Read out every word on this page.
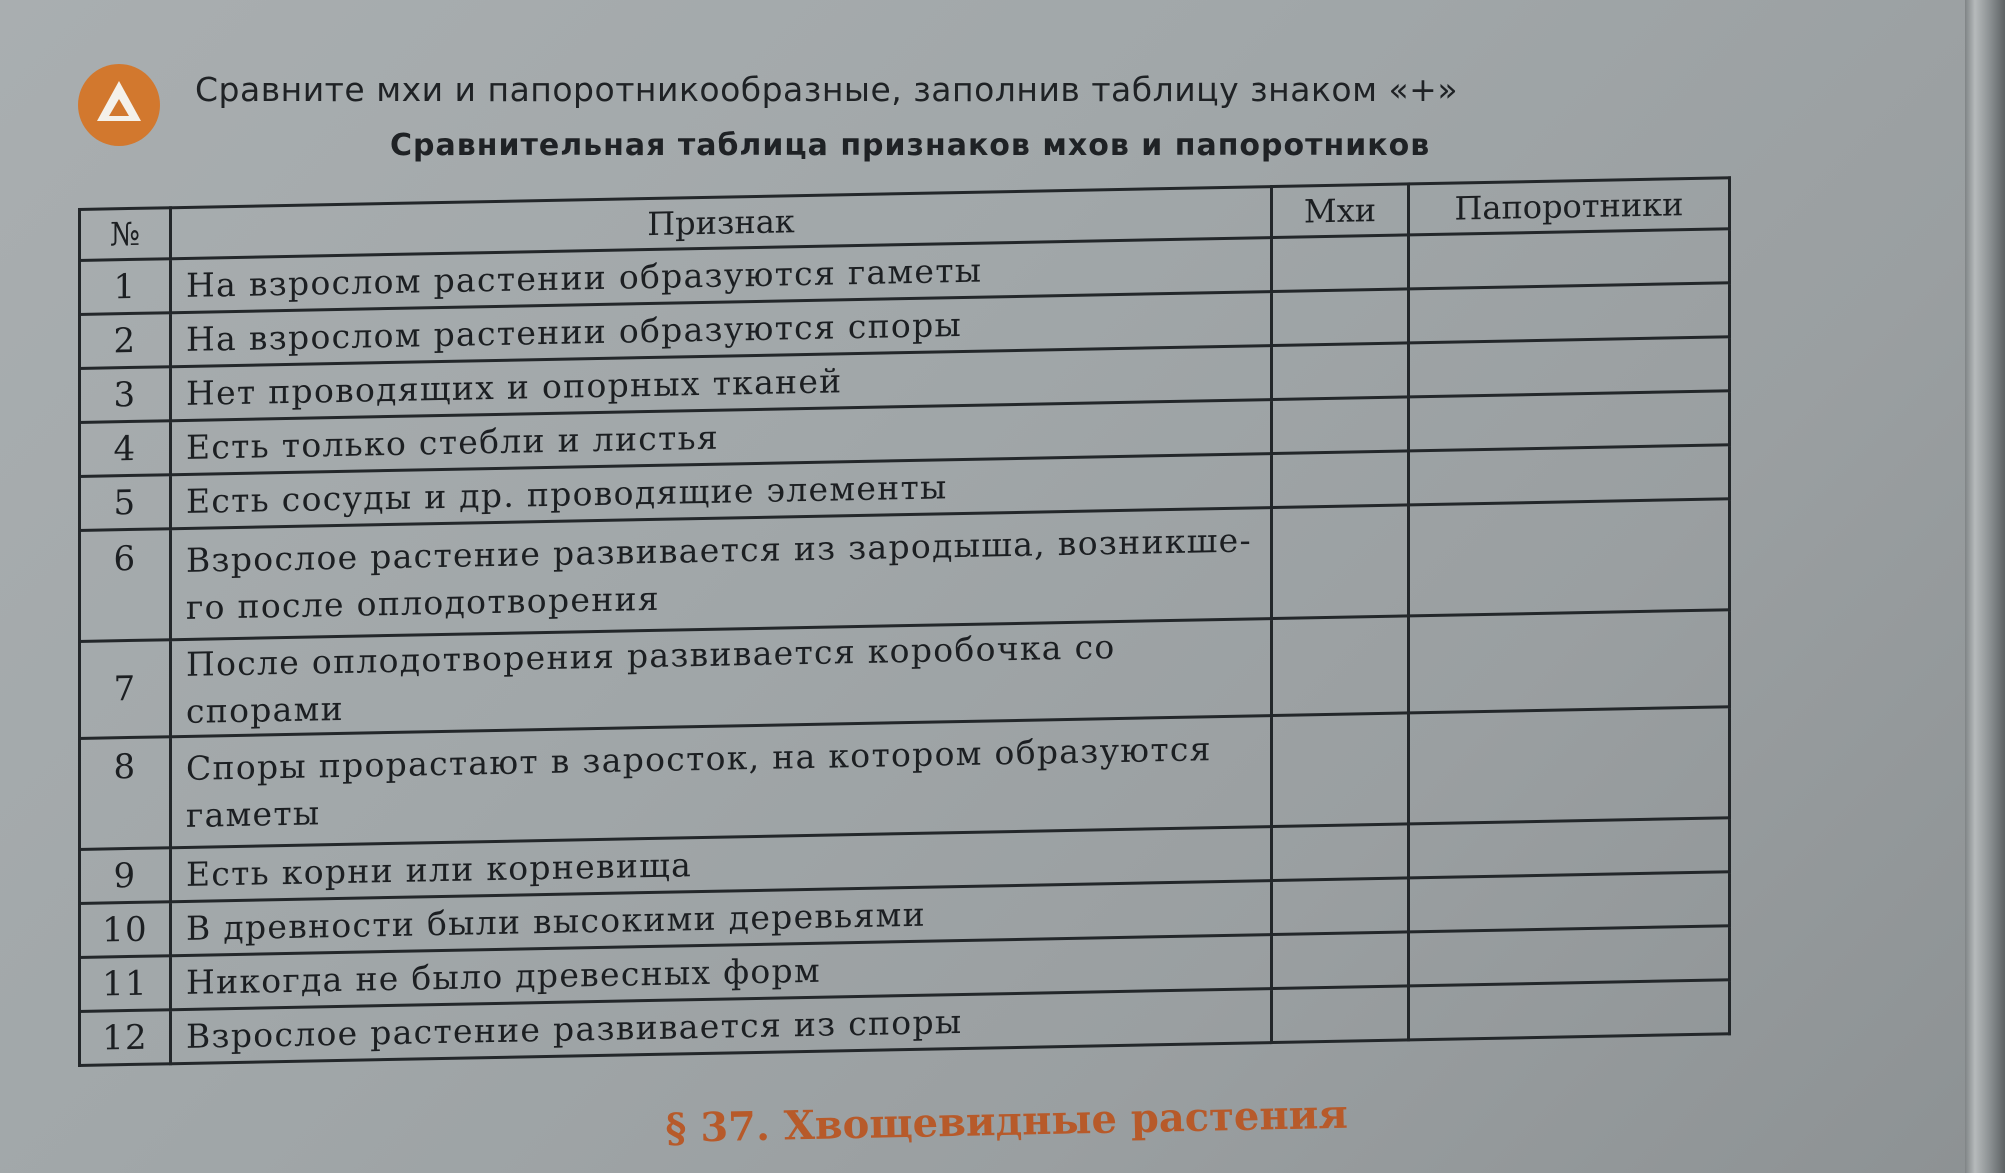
Сравните мхи и папоротникообразные, заполнив таблицу знаком «+»
Сравнительная таблица признаков мхов и папоротников
№	Признак	Мхи	Папоротники
1	На взрослом растении образуются гаметы		
2	На взрослом растении образуются споры		
3	Нет проводящих и опорных тканей		
4	Есть только стебли и листья		
5	Есть сосуды и др. проводящие элементы		
6	Взрослое растение развивается из зародыша, возникше-го после оплодотворения		
7	После оплодотворения развивается коробочка со спорами		
8	Споры прорастают в заросток, на котором образуются гаметы		
9	Есть корни или корневища		
10	В древности были высокими деревьями		
11	Никогда не было древесных форм		
12	Взрослое растение развивается из споры		
§ 37. Хвощевидные растения
